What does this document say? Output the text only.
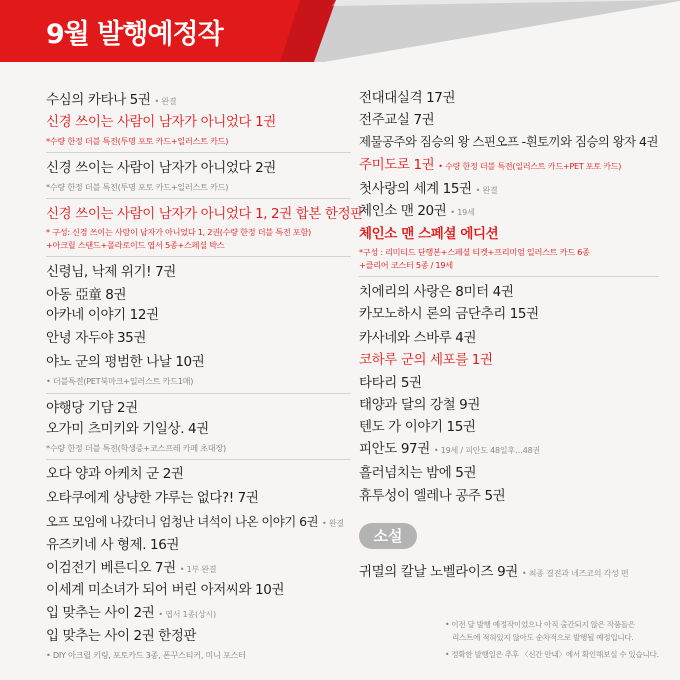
9월 발행예정작
수심의 카타나 5권 • 완결
신경 쓰이는 사람이 남자가 아니었다 1권
*수량 한정 더블 특전(투명 포토 카드+일러스트 카드)
신경 쓰이는 사람이 남자가 아니었다 2권
*수량 한정 더블 특전(투명 포토 카드+일러스트 카드)
신경 쓰이는 사람이 남자가 아니었다 1, 2권 합본 한정판
* 구성: 신경 쓰이는 사람이 남자가 아니었다 1, 2권(수량 한정 더블 특전 포함)
+아크릴 스탠드+폴라로이드 엽서 5종+스페셜 박스
신령님, 낙제 위기! 7권
아동 亞童 8권
아카네 이야기 12권
안녕 자두야 35권
야노 군의 평범한 나날 10권
• 더블특전(PET북마크+일러스트 카드1매)
야행당 기담 2권
오가미 츠미키와 기일상. 4권
*수량 한정 더블 특전(학생증+코스프레 카페 초대장)
오다 양과 아케치 군 2권
오타쿠에게 상냥한 갸루는 없다?! 7권
오프 모임에 나갔더니 엄청난 녀석이 나온 이야기 6권 • 완결
유즈키네 사 형제. 16권
이검전기 베른디오 7권 • 1부 완결
이세계 미소녀가 되어 버린 아저씨와 10권
입 맞추는 사이 2권 • 엽서 1종(상시)
입 맞추는 사이 2권 한정판
• DIY 아크릴 키링, 포토카드 3종, 폰꾸스티커, 미니 포스터
전대대실격 17권
전주교실 7권
제물공주와 짐승의 왕 스핀오프 -흰토끼와 짐승의 왕자 4권
주미도로 1권 • 수량 한정 더블 특전(일러스트 카드+PET 포토 카드)
첫사랑의 세계 15권 • 완결
체인소 맨 20권 • 19세
체인소 맨 스페셜 에디션
*구성 : 리미티드 단행본+스페셜 티켓+프리미엄 일러스트 카드 6종
+클리어 코스터 5종 / 19세
치에리의 사랑은 8미터 4권
카모노하시 론의 금단추리 15권
카사네와 스바루 4권
코하루 군의 세포를 1권
타타리 5권
태양과 달의 강철 9권
텐도 가 이야기 15권
피안도 97권 • 19세 / 피안도 48일후…48권
흘러넘치는 밤에 5권
휴투성이 엘레나 공주 5권
귀멸의 칼날 노벨라이즈 9권 • 최종 결전과 네즈코의 각성 편
소설
• 이전 달 발행 예정작이었으나 아직 출간되지 않은 작품들은
리스트에 적혀있지 않아도 순차적으로 발행될 예정입니다.
• 정확한 발행일은 추후 〈신간 안내〉에서 확인해보실 수 있습니다.
